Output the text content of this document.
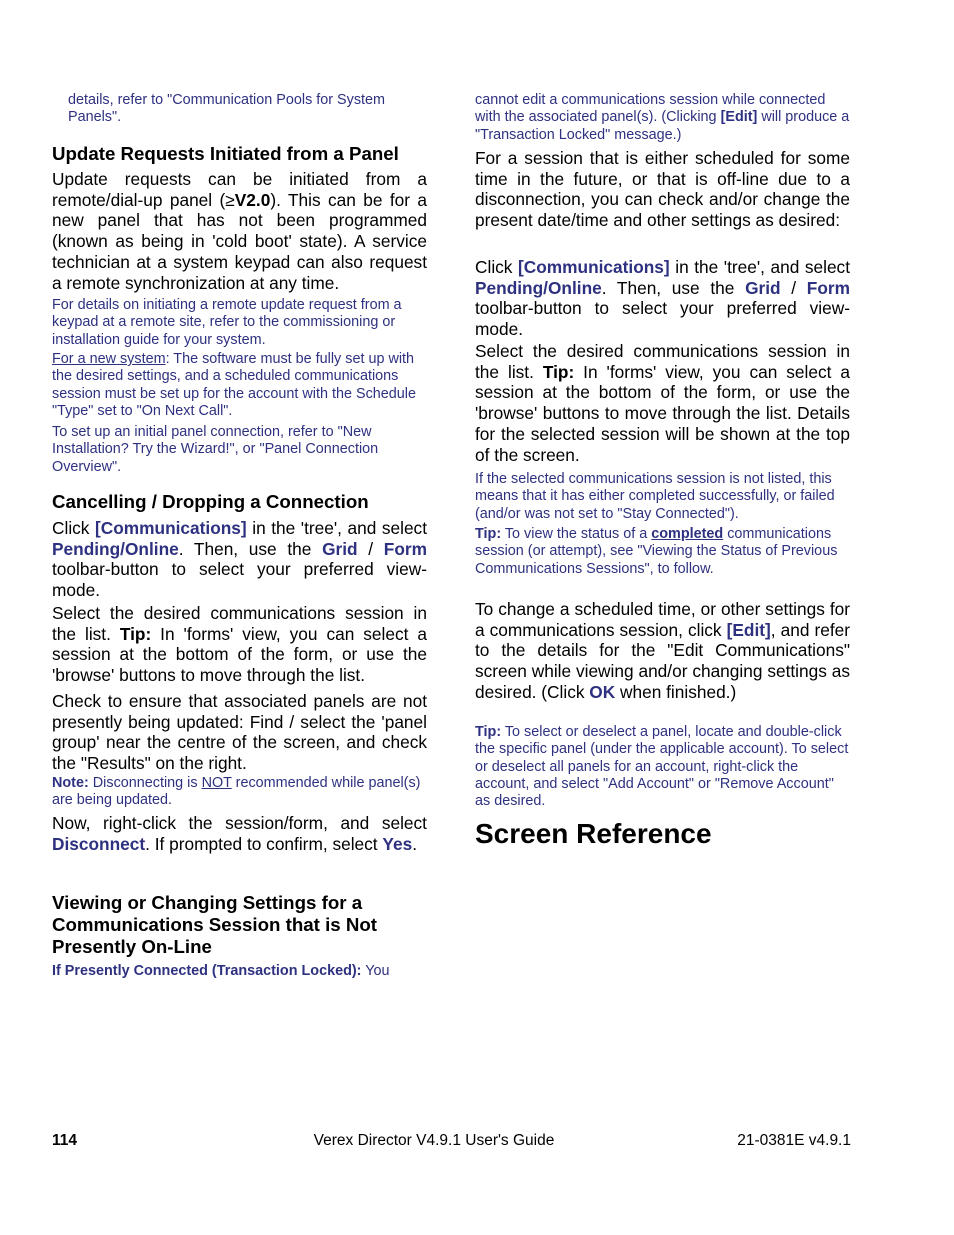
details, refer to "Communication Pools for System Panels".

Update Requests Initiated from a Panel

Update requests can be initiated from a remote/dial-up panel (≥V2.0). This can be for a new panel that has not been programmed (known as being in 'cold boot' state). A service technician at a system keypad can also request a remote synchronization at any time.

For details on initiating a remote update request from a keypad at a remote site, refer to the commissioning or installation guide for your system.

For a new system: The software must be fully set up with the desired settings, and a scheduled communications session must be set up for the account with the Schedule "Type" set to "On Next Call".

To set up an initial panel connection, refer to "New Installation? Try the Wizard!", or "Panel Connection Overview".

Cancelling / Dropping a Connection

Click [Communications] in the 'tree', and select Pending/Online. Then, use the Grid / Form toolbar-button to select your preferred view-mode.

Select the desired communications session in the list. Tip: In 'forms' view, you can select a session at the bottom of the form, or use the 'browse' buttons to move through the list.

Check to ensure that associated panels are not presently being updated: Find / select the 'panel group' near the centre of the screen, and check the "Results" on the right.

Note: Disconnecting is NOT recommended while panel(s) are being updated.

Now, right-click the session/form, and select Disconnect. If prompted to confirm, select Yes.

Viewing or Changing Settings for a Communications Session that is Not Presently On-Line

If Presently Connected (Transaction Locked): You

cannot edit a communications session while connected with the associated panel(s). (Clicking [Edit] will produce a "Transaction Locked" message.)

For a session that is either scheduled for some time in the future, or that is off-line due to a disconnection, you can check and/or change the present date/time and other settings as desired:

Click [Communications] in the 'tree', and select Pending/Online. Then, use the Grid / Form toolbar-button to select your preferred view-mode.

Select the desired communications session in the list. Tip: In 'forms' view, you can select a session at the bottom of the form, or use the 'browse' buttons to move through the list. Details for the selected session will be shown at the top of the screen.

If the selected communications session is not listed, this means that it has either completed successfully, or failed (and/or was not set to "Stay Connected").

Tip: To view the status of a completed communications session (or attempt), see "Viewing the Status of Previous Communications Sessions", to follow.

To change a scheduled time, or other settings for a communications session, click [Edit], and refer to the details for the "Edit Communications" screen while viewing and/or changing settings as desired. (Click OK when finished.)

Tip: To select or deselect a panel, locate and double-click the specific panel (under the applicable account). To select or deselect all panels for an account, right-click the account, and select "Add Account" or "Remove Account" as desired.

Screen Reference

114	Verex Director V4.9.1 User's Guide	21-0381E v4.9.1
